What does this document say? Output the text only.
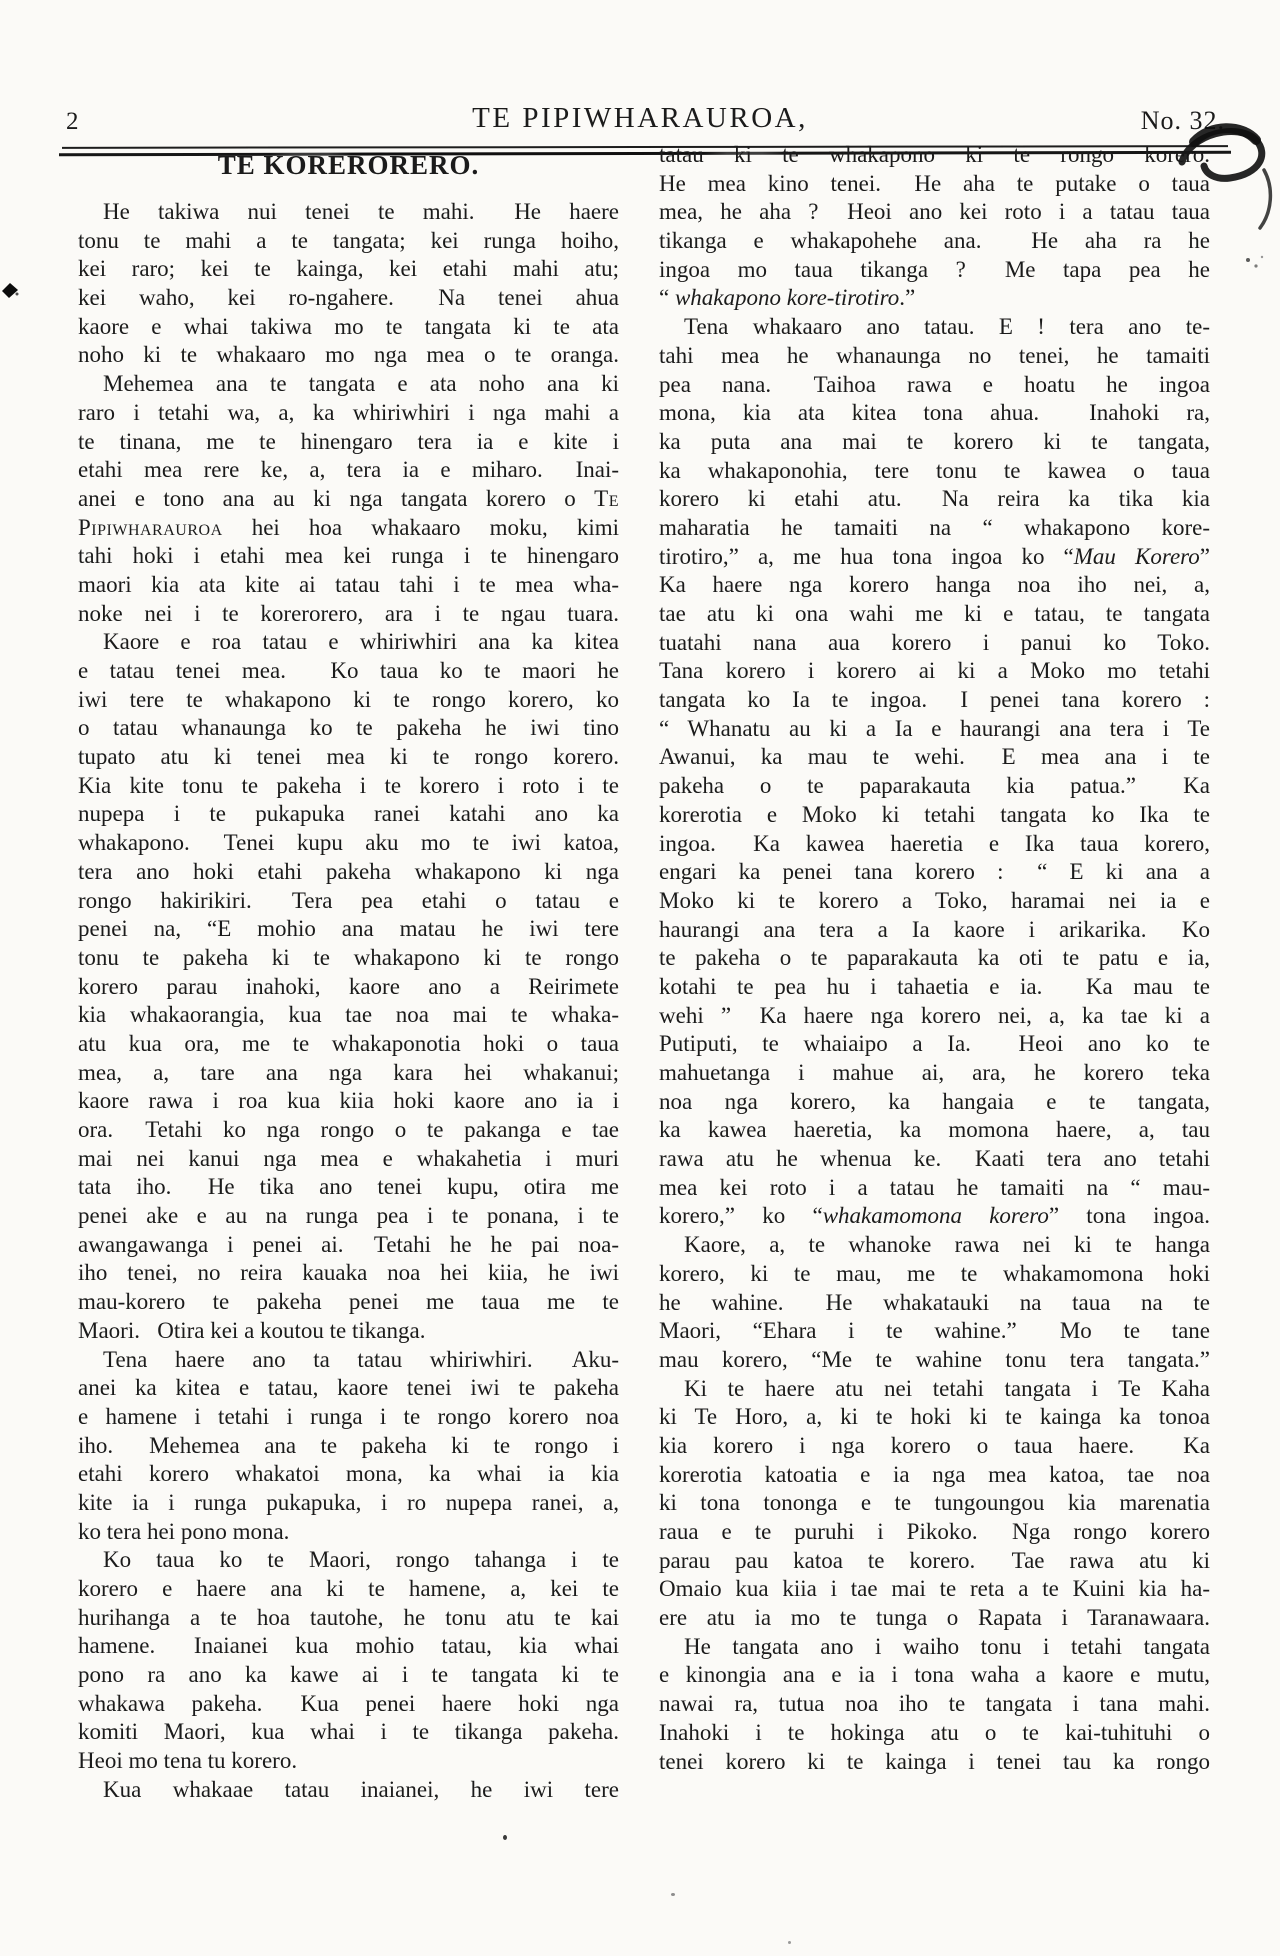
2	TE PIPIWHARAUROA,	No. 32.
TE KORERORERO.
He takiwa nui tenei te mahi.  He haere
tonu te mahi a te tangata; kei runga hoiho,
kei raro; kei te kainga, kei etahi mahi atu;
kei waho, kei ro-ngahere.  Na tenei ahua
kaore e whai takiwa mo te tangata ki te ata
noho ki te whakaaro mo nga mea o te oranga.
Mehemea ana te tangata e ata noho ana ki
raro i tetahi wa, a, ka whiriwhiri i nga mahi a
te tinana, me te hinengaro tera ia e kite i
etahi mea rere ke, a, tera ia e miharo.  Inai-
anei e tono ana au ki nga tangata korero o Te
Pipiwharauroa hei hoa whakaaro moku, kimi
tahi hoki i etahi mea kei runga i te hinengaro
maori kia ata kite ai tatau tahi i te mea wha-
noke nei i te korerorero, ara i te ngau tuara.
Kaore e roa tatau e whiriwhiri ana ka kitea
e tatau tenei mea.   Ko taua ko te maori he
iwi tere te whakapono ki te rongo korero, ko
o tatau whanaunga ko te pakeha he iwi tino
tupato atu ki tenei mea ki te rongo korero.
Kia kite tonu te pakeha i te korero i roto i te
nupepa i te pukapuka ranei katahi ano ka
whakapono.  Tenei kupu aku mo te iwi katoa,
tera ano hoki etahi pakeha whakapono ki nga
rongo hakirikiri.  Tera pea etahi o tatau e
penei na, “E mohio ana matau he iwi tere
tonu te pakeha ki te whakapono ki te rongo
korero parau inahoki, kaore ano a Reirimete
kia whakaorangia, kua tae noa mai te whaka-
atu kua ora, me te whakaponotia hoki o taua
mea, a, tare ana nga kara hei whakanui;
kaore rawa i roa kua kiia hoki kaore ano ia i
ora.  Tetahi ko nga rongo o te pakanga e tae
mai nei kanui nga mea e whakahetia i muri
tata iho.  He tika ano tenei kupu, otira me
penei ake e au na runga pea i te ponana, i te
awangawanga i penei ai.  Tetahi he he pai noa-
iho tenei, no reira kauaka noa hei kiia, he iwi
mau-korero te pakeha penei me taua me te
Maori.  Otira kei a koutou te tikanga.
Tena haere ano ta tatau whiriwhiri.  Aku-
anei ka kitea e tatau, kaore tenei iwi te pakeha
e hamene i tetahi i runga i te rongo korero noa
iho.  Mehemea ana te pakeha ki te rongo i
etahi korero whakatoi mona, ka whai ia kia
kite ia i runga pukapuka, i ro nupepa ranei, a,
ko tera hei pono mona.
Ko taua ko te Maori, rongo tahanga i te
korero e haere ana ki te hamene, a, kei te
hurihanga a te hoa tautohe, he tonu atu te kai
hamene.  Inaianei kua mohio tatau, kia whai
pono ra ano ka kawe ai i te tangata ki te
whakawa pakeha.  Kua penei haere hoki nga
komiti Maori, kua whai i te tikanga pakeha.
Heoi mo tena tu korero.
Kua whakaae tatau inaianei, he iwi tere
tatau ki te whakapono ki te rongo korero.
He mea kino tenei.  He aha te putake o taua
mea, he aha ?  Heoi ano kei roto i a tatau taua
tikanga e whakapohehe ana.   He aha ra he
ingoa mo taua tikanga ?  Me tapa pea he
“ whakapono kore-tirotiro.”
Tena whakaaro ano tatau. E ! tera ano te-
tahi mea he whanaunga no tenei, he tamaiti
pea nana.  Taihoa rawa e hoatu he ingoa
mona, kia ata kitea tona ahua.   Inahoki ra,
ka puta ana mai te korero ki te tangata,
ka whakaponohia, tere tonu te kawea o taua
korero ki etahi atu.  Na reira ka tika kia
maharatia he tamaiti na “ whakapono kore-
tirotiro,” a, me hua tona ingoa ko “Mau Korero”
Ka haere nga korero hanga noa iho nei, a,
tae atu ki ona wahi me ki e tatau, te tangata
tuatahi nana aua korero i panui ko Toko.
Tana korero i korero ai ki a Moko mo tetahi
tangata ko Ia te ingoa.  I penei tana korero :
“ Whanatu au ki a Ia e haurangi ana tera i Te
Awanui, ka mau te wehi.  E mea ana i te
pakeha o te paparakauta kia patua.”  Ka
korerotia e Moko ki tetahi tangata ko Ika te
ingoa.  Ka kawea haeretia e Ika taua korero,
engari ka penei tana korero :  “ E ki ana a
Moko ki te korero a Toko, haramai nei ia e
haurangi ana tera a Ia kaore i arikarika.  Ko
te pakeha o te paparakauta ka oti te patu e ia,
kotahi te pea hu i tahaetia e ia.   Ka mau te
wehi ”  Ka haere nga korero nei, a, ka tae ki a
Putiputi, te whaiaipo a Ia.   Heoi ano ko te
mahuetanga i mahue ai, ara, he korero teka
noa nga korero, ka hangaia e te tangata,
ka kawea haeretia, ka momona haere, a, tau
rawa atu he whenua ke.  Kaati tera ano tetahi
mea kei roto i a tatau he tamaiti na “ mau-
korero,” ko “whakamomona korero” tona ingoa.
Kaore, a, te whanoke rawa nei ki te hanga
korero, ki te mau, me te whakamomona hoki
he wahine.  He whakatauki na taua na te
Maori, “Ehara i te wahine.”  Mo te tane
mau korero, “Me te wahine tonu tera tangata.”
Ki te haere atu nei tetahi tangata i Te Kaha
ki Te Horo, a, ki te hoki ki te kainga ka tonoa
kia korero i nga korero o taua haere.   Ka
korerotia katoatia e ia nga mea katoa, tae noa
ki tona tononga e te tungoungou kia marenatia
raua e te puruhi i Pikoko.  Nga rongo korero
parau pau katoa te korero.  Tae rawa atu ki
Omaio kua kiia i tae mai te reta a te Kuini kia ha-
ere atu ia mo te tunga o Rapata i Taranawaara.
He tangata ano i waiho tonu i tetahi tangata
e kinongia ana e ia i tona waha a kaore e mutu,
nawai ra, tutua noa iho te tangata i tana mahi.
Inahoki i te hokinga atu o te kai-tuhituhi o
tenei korero ki te kainga i tenei tau ka rongo
